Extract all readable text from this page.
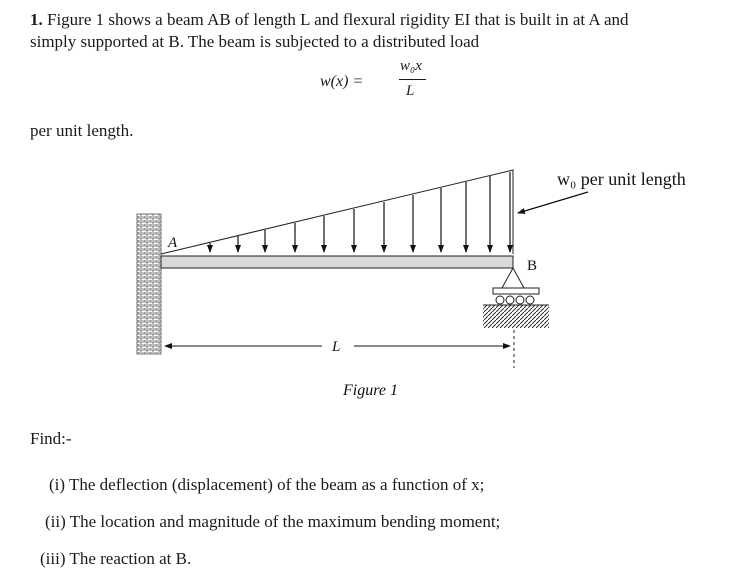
1. Figure 1 shows a beam AB of length L and flexural rigidity EI that is built in at A and
simply supported at B. The beam is subjected to a distributed load
w(x) =
w₀x
L
per unit length.
A
B
L
w₀ per unit length
Figure 1
Find:-
(i) The deflection (displacement) of the beam as a function of x;
(ii) The location and magnitude of the maximum bending moment;
(iii) The reaction at B.
